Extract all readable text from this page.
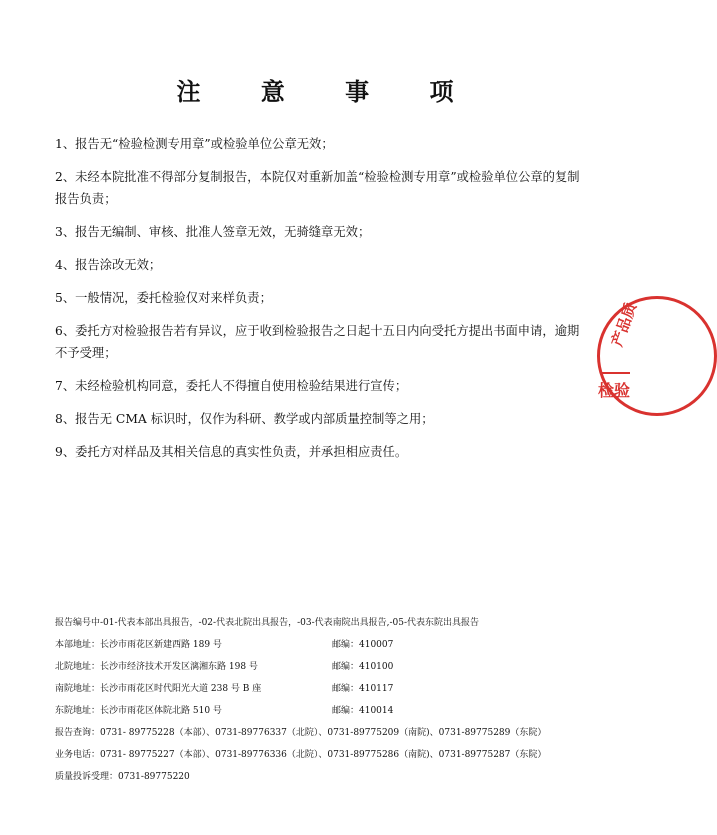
注 意 事 项

1、报告无“检验检测专用章”或检验单位公章无效；

2、未经本院批准不得部分复制报告，本院仅对重新加盖“检验检测专用章”或检验单位公章的复制报告负责；

3、报告无编制、审核、批准人签章无效，无骑缝章无效；

4、报告涂改无效；

5、一般情况，委托检验仅对来样负责；

6、委托方对检验报告若有异议，应于收到检验报告之日起十五日内向受托方提出书面申请，逾期不予受理；

7、未经检验机构同意，委托人不得擅自使用检验结果进行宣传；

8、报告无 CMA 标识时，仅作为科研、教学或内部质量控制等之用；

9、委托方对样品及其相关信息的真实性负责，并承担相应责任。

报告编号中-01-代表本部出具报告，-02-代表北院出具报告，-03-代表南院出具报告,-05-代表东院出具报告
本部地址：长沙市雨花区新建西路 189 号	邮编：410007
北院地址：长沙市经济技术开发区漓湘东路 198 号	邮编：410100
南院地址：长沙市雨花区时代阳光大道 238 号 B 座	邮编：410117
东院地址：长沙市雨花区体院北路 510 号	邮编：410014
报告查询：0731- 89775228（本部）、0731-89776337（北院）、0731-89775209（南院)、0731-89775289（东院）
业务电话：0731- 89775227（本部）、0731-89776336（北院）、0731-89775286（南院)、0731-89775287（东院）
质量投诉受理：0731-89775220
产品质
检验
